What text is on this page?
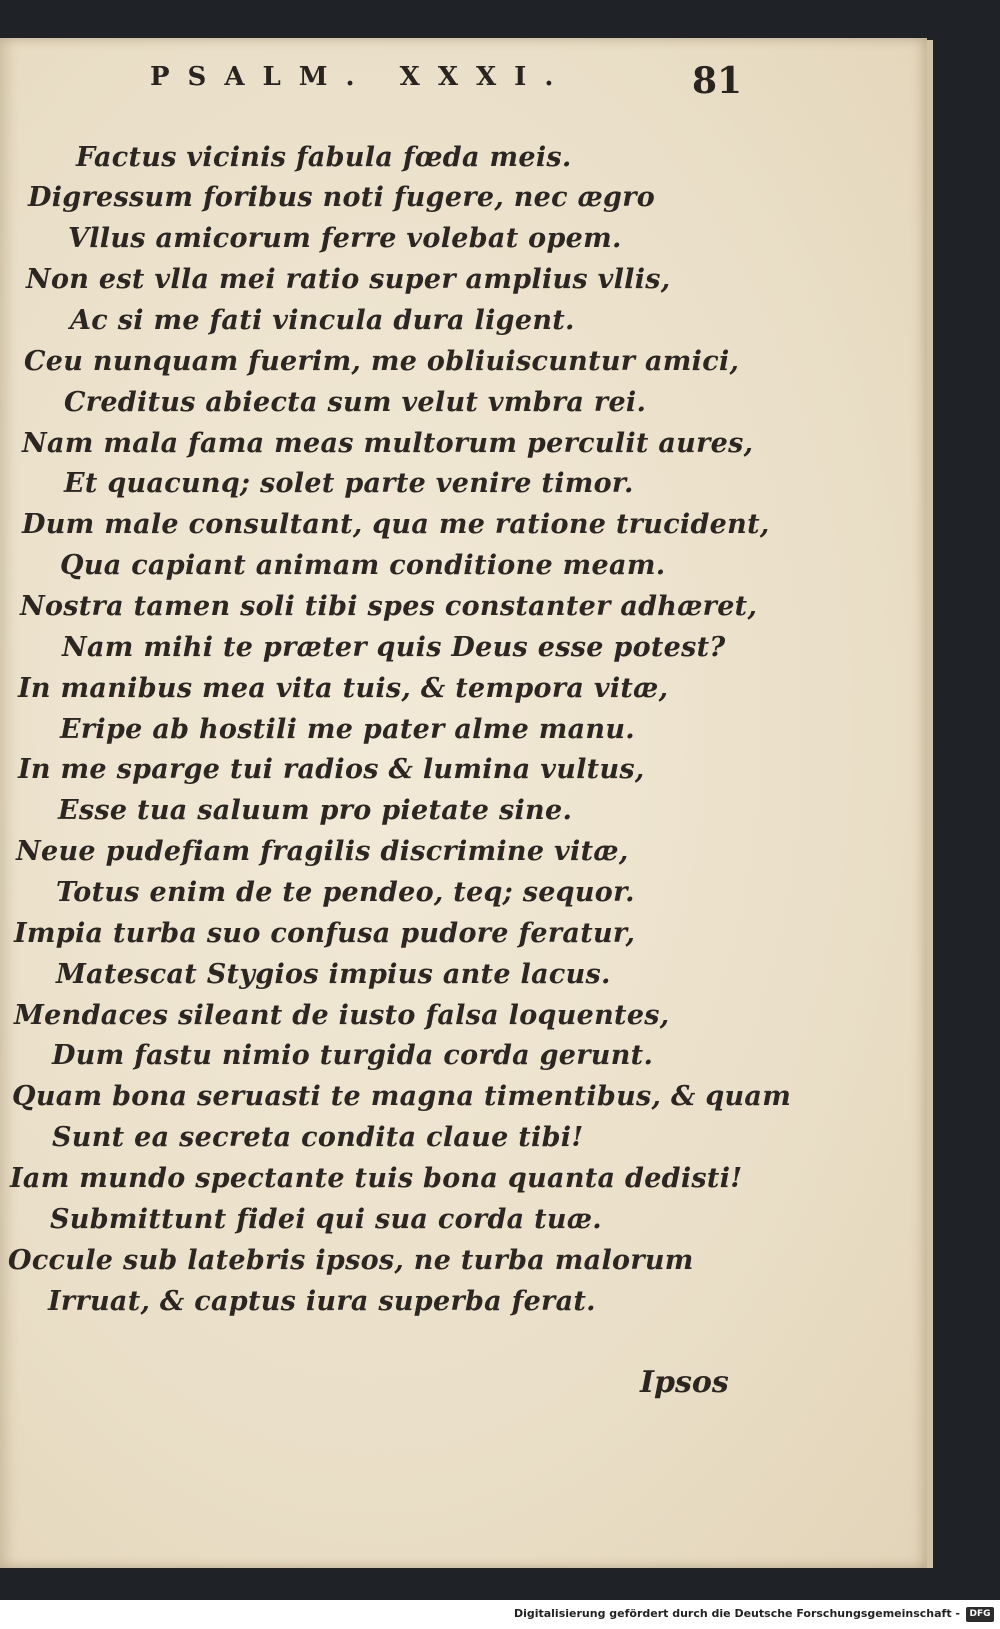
PSALM. XXXI.	81
Factus vicinis fabula fœda meis.
Digressum foribus noti fugere, nec ægro
Vllus amicorum ferre volebat opem.
Non est vlla mei ratio super amplius vllis,
Ac si me fati vincula dura ligent.
Ceu nunquam fuerim, me obliuiscuntur amici,
Creditus abiecta sum velut vmbra rei.
Nam mala fama meas multorum perculit aures,
Et quacunq; solet parte venire timor.
Dum male consultant, qua me ratione trucident,
Qua capiant animam conditione meam.
Nostra tamen soli tibi spes constanter adhæret,
Nam mihi te præter quis Deus esse potest?
In manibus mea vita tuis, & tempora vitæ,
Eripe ab hostili me pater alme manu.
In me sparge tui radios & lumina vultus,
Esse tua saluum pro pietate sine.
Neue pudefiam fragilis discrimine vitæ,
Totus enim de te pendeo, teq; sequor.
Impia turba suo confusa pudore feratur,
Matescat Stygios impius ante lacus.
Mendaces sileant de iusto falsa loquentes,
Dum fastu nimio turgida corda gerunt.
Quam bona seruasti te magna timentibus, & quam
Sunt ea secreta condita claue tibi!
Iam mundo spectante tuis bona quanta dedisti!
Submittunt fidei qui sua corda tuæ.
Occule sub latebris ipsos, ne turba malorum
Irruat, & captus iura superba ferat.
Ipsos
Digitalisierung gefördert durch die Deutsche Forschungsgemeinschaft -	DFG
